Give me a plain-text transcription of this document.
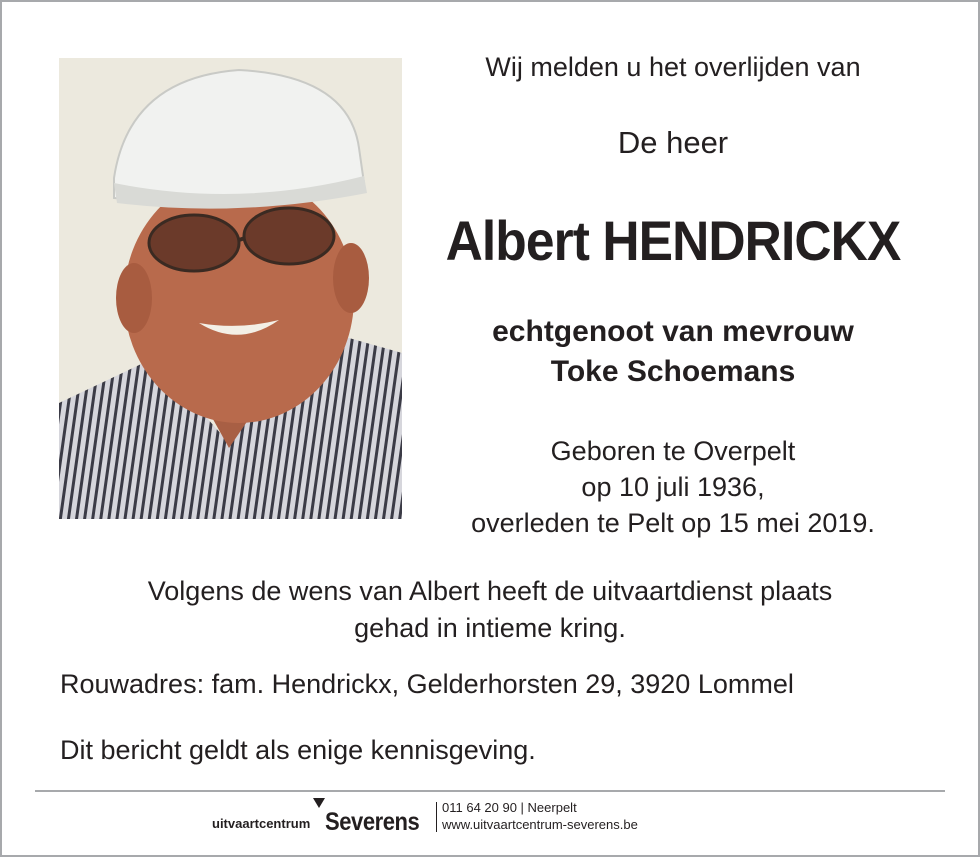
Wij melden u het overlijden van
De heer
Albert HENDRICKX
echtgenoot van mevrouw
Toke Schoemans
Geboren te Overpelt
op 10 juli 1936,
overleden te Pelt op 15 mei 2019.
Volgens de wens van Albert heeft de uitvaartdienst plaats
gehad in intieme kring.
Rouwadres: fam. Hendrickx, Gelderhorsten 29, 3920 Lommel
Dit bericht geldt als enige kennisgeving.
uitvaartcentrum Severens
011 64 20 90 | Neerpelt
www.uitvaartcentrum-severens.be
